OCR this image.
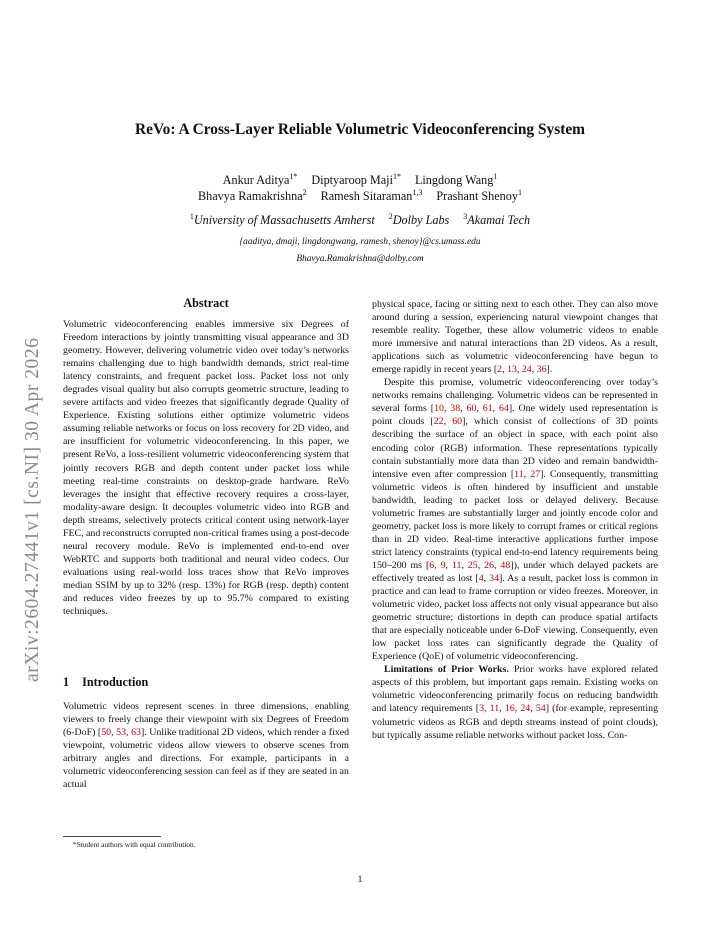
arXiv:2604.27441v1 [cs.NI] 30 Apr 2026
ReVo: A Cross-Layer Reliable Volumetric Videoconferencing System
Ankur Aditya$^{1*}$ Diptyaroop Maji$^{1*}$ Lingdong Wang$^1$
Bhavya Ramakrishna$^2$ Ramesh Sitaraman$^{1,3}$ Prashant Shenoy$^1$
$^1$University of Massachusetts Amherst $^2$Dolby Labs $^3$Akamai Tech
{aaditya, dmaji, lingdongwang, ramesh, shenoy}@cs.umass.edu
Bhavya.Ramakrishna@dolby.com
Abstract

Volumetric videoconferencing enables immersive six Degrees of Freedom interactions by jointly transmitting visual appearance and 3D geometry. However, delivering volumetric video over today’s networks remains challenging due to high bandwidth demands, strict real-time latency constraints, and frequent packet loss. Packet loss not only degrades visual quality but also corrupts geometric structure, leading to severe artifacts and video freezes that significantly degrade Quality of Experience. Existing solutions either optimize volumetric videos assuming reliable networks or focus on loss recovery for 2D video, and are insufficient for volumetric videoconferencing. In this paper, we present ReVo, a loss-resilient volumetric videoconferencing system that jointly recovers RGB and depth content under packet loss while meeting real-time constraints on desktop-grade hardware. ReVo leverages the insight that effective recovery requires a cross-layer, modality-aware design. It decouples volumetric video into RGB and depth streams, selectively protects critical content using network-layer FEC, and reconstructs corrupted non-critical frames using a post-decode neural recovery module. ReVo is implemented end-to-end over WebRTC and supports both traditional and neural video codecs. Our evaluations using real-world loss traces show that ReVo improves median SSIM by up to 32% (resp. 13%) for RGB (resp. depth) content and reduces video freezes by up to 95.7% compared to existing techniques.

1 Introduction

Volumetric videos represent scenes in three dimensions, enabling viewers to freely change their viewpoint with six Degrees of Freedom (6-DoF) [50, 53, 63]. Unlike traditional 2D videos, which render a fixed viewpoint, volumetric videos allow viewers to observe scenes from arbitrary angles and directions. For example, participants in a volumetric videoconferencing session can feel as if they are seated in an actual

physical space, facing or sitting next to each other. They can also move around during a session, experiencing natural viewpoint changes that resemble reality. Together, these allow volumetric videos to enable more immersive and natural interactions than 2D videos. As a result, applications such as volumetric videoconferencing have begun to emerge rapidly in recent years [2, 13, 24, 36].

Despite this promise, volumetric videoconferencing over today’s networks remains challenging. Volumetric videos can be represented in several forms [10, 38, 60, 61, 64]. One widely used representation is point clouds [22, 60], which consist of collections of 3D points describing the surface of an object in space, with each point also encoding color (RGB) information. These representations typically contain substantially more data than 2D video and remain bandwidth-intensive even after compression [11, 27]. Consequently, transmitting volumetric videos is often hindered by insufficient and unstable bandwidth, leading to packet loss or delayed delivery. Because volumetric frames are substantially larger and jointly encode color and geometry, packet loss is more likely to corrupt frames or critical regions than in 2D video. Real-time interactive applications further impose strict latency constraints (typical end-to-end latency requirements being 150–200 ms [6, 9, 11, 25, 26, 48]), under which delayed packets are effectively treated as lost [4, 34]. As a result, packet loss is common in practice and can lead to frame corruption or video freezes. Moreover, in volumetric video, packet loss affects not only visual appearance but also geometric structure; distortions in depth can produce spatial artifacts that are especially noticeable under 6-DoF viewing. Consequently, even low packet loss rates can significantly degrade the Quality of Experience (QoE) of volumetric videoconferencing.

Limitations of Prior Works. Prior works have explored related aspects of this problem, but important gaps remain. Existing works on volumetric videoconferencing primarily focus on reducing bandwidth and latency requirements [3, 11, 16, 24, 54] (for example, representing volumetric videos as RGB and depth streams instead of point clouds), but typically assume reliable networks without packet loss. Con-

*Student authors with equal contribution.
1
